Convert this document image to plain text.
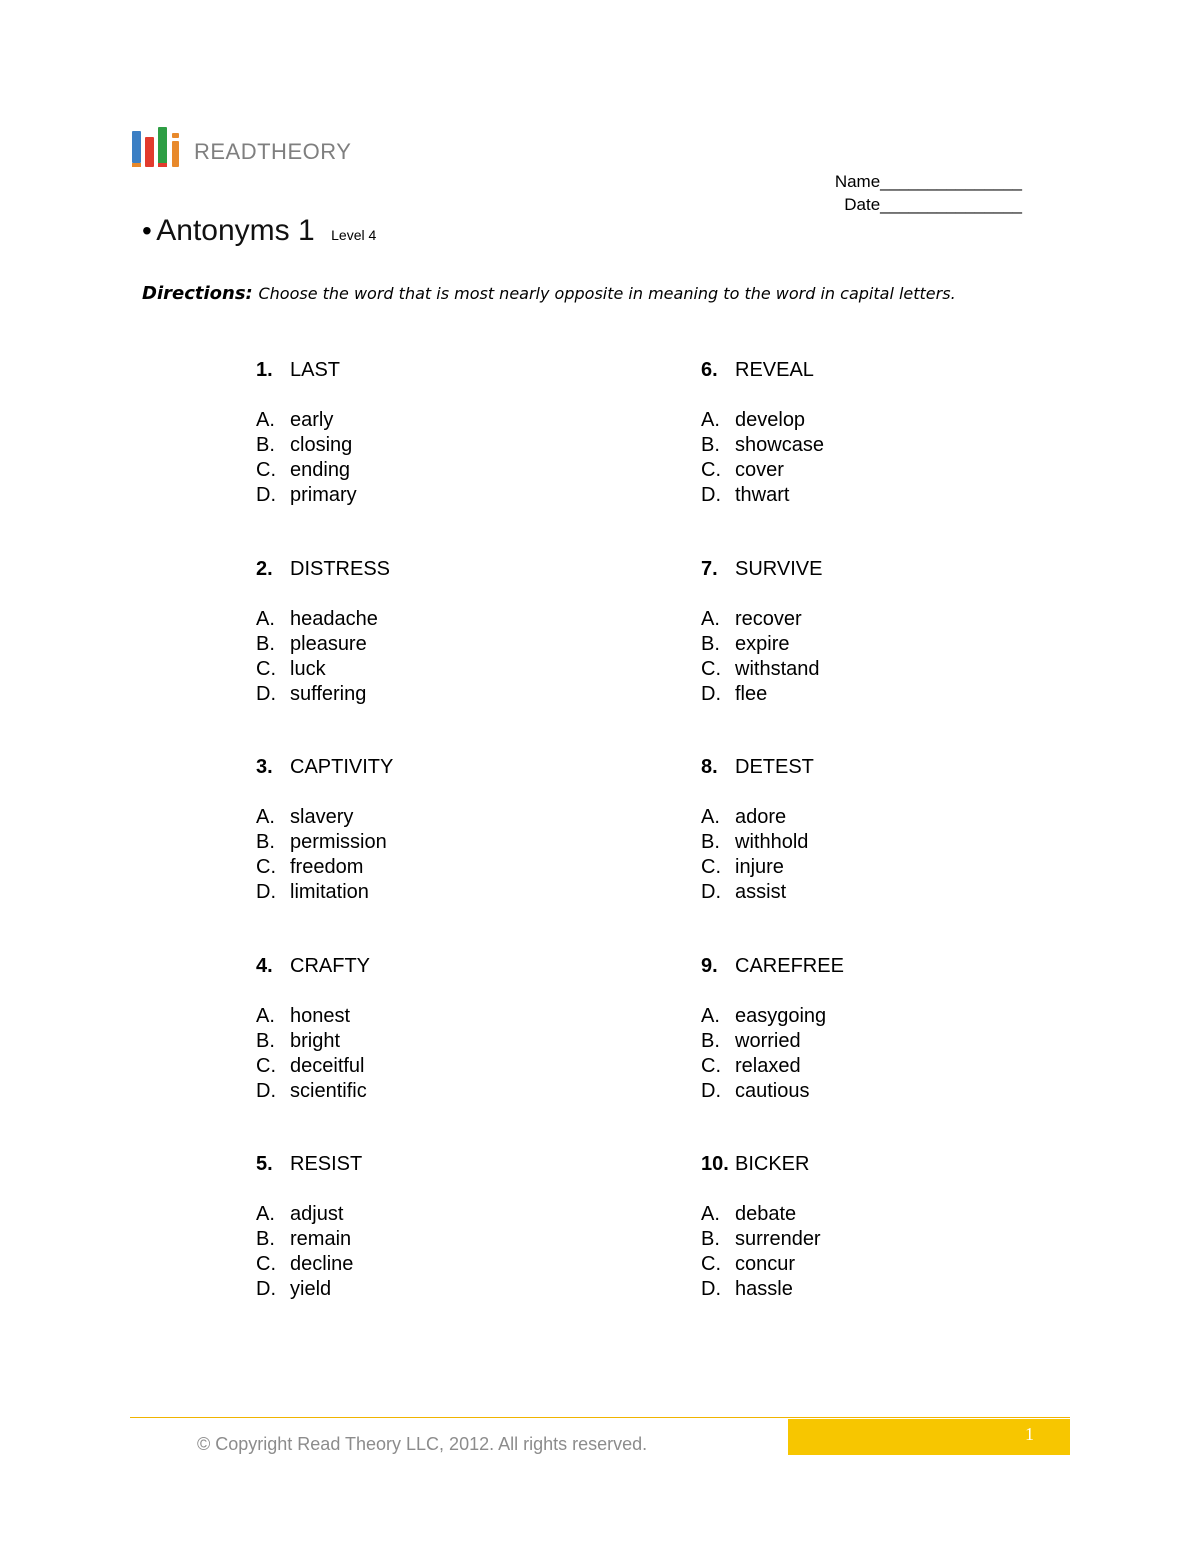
READTHEORY
Name_______________
Date_______________
• Antonyms 1 Level 4
Directions: Choose the word that is most nearly opposite in meaning to the word in capital letters.
1. LAST
A. early
B. closing
C. ending
D. primary
2. DISTRESS
A. headache
B. pleasure
C. luck
D. suffering
3. CAPTIVITY
A. slavery
B. permission
C. freedom
D. limitation
4. CRAFTY
A. honest
B. bright
C. deceitful
D. scientific
5. RESIST
A. adjust
B. remain
C. decline
D. yield
6. REVEAL
A. develop
B. showcase
C. cover
D. thwart
7. SURVIVE
A. recover
B. expire
C. withstand
D. flee
8. DETEST
A. adore
B. withhold
C. injure
D. assist
9. CAREFREE
A. easygoing
B. worried
C. relaxed
D. cautious
10. BICKER
A. debate
B. surrender
C. concur
D. hassle
1
© Copyright Read Theory LLC, 2012. All rights reserved.
